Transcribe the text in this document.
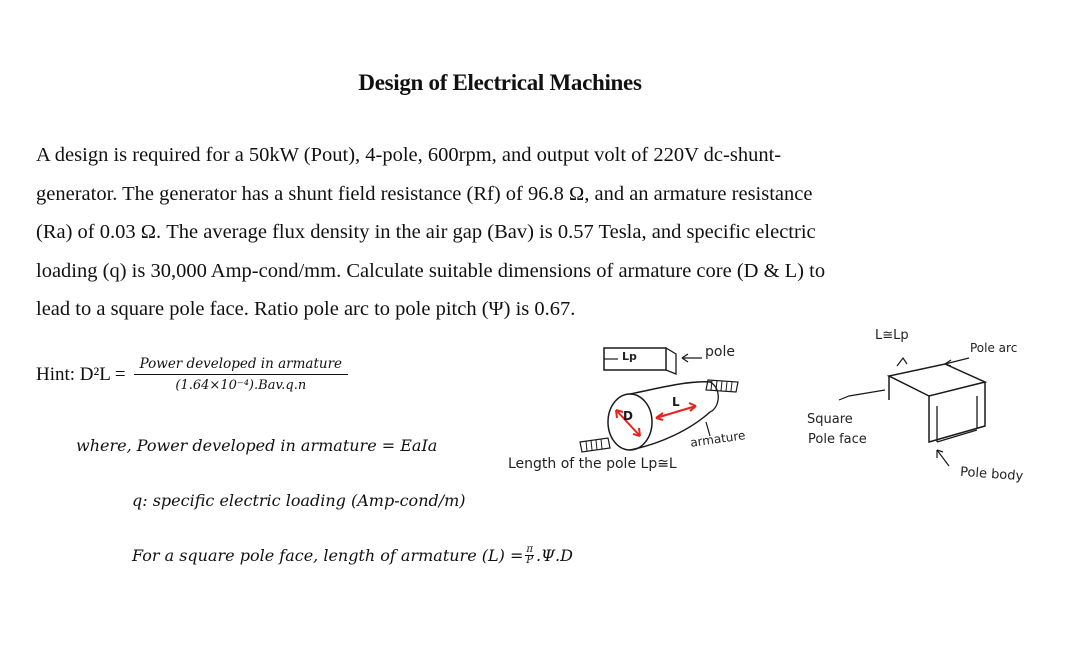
Design of Electrical Machines
A design is required for a 50kW (Pout), 4-pole, 600rpm, and output volt of 220V dc-shunt-
generator. The generator has a shunt field resistance (Rf) of 96.8 Ω, and an armature resistance
(Ra) of 0.03 Ω. The average flux density in the air gap (Bav) is 0.57 Tesla, and specific electric
loading (q) is 30,000 Amp-cond/mm. Calculate suitable dimensions of armature core (D & L) to
lead to a square pole face. Ratio pole arc to pole pitch (Ψ) is 0.67.
Hint: $D^2L = \frac{\text{Power developed in armature}}{\text{(1.64×10⁻⁴).Bav.q.n}}$
where, Power developed in armature = EaIa
q: specific electric loading (Amp-cond/m)
For a square pole face, length of armature $(L) = \frac{\pi}{P} .\Psi.D$
D
L
Lp	pole
armature
Length of the pole Lp≅L
L≅Lp
Pole arc
Square
Pole face
Pole body
